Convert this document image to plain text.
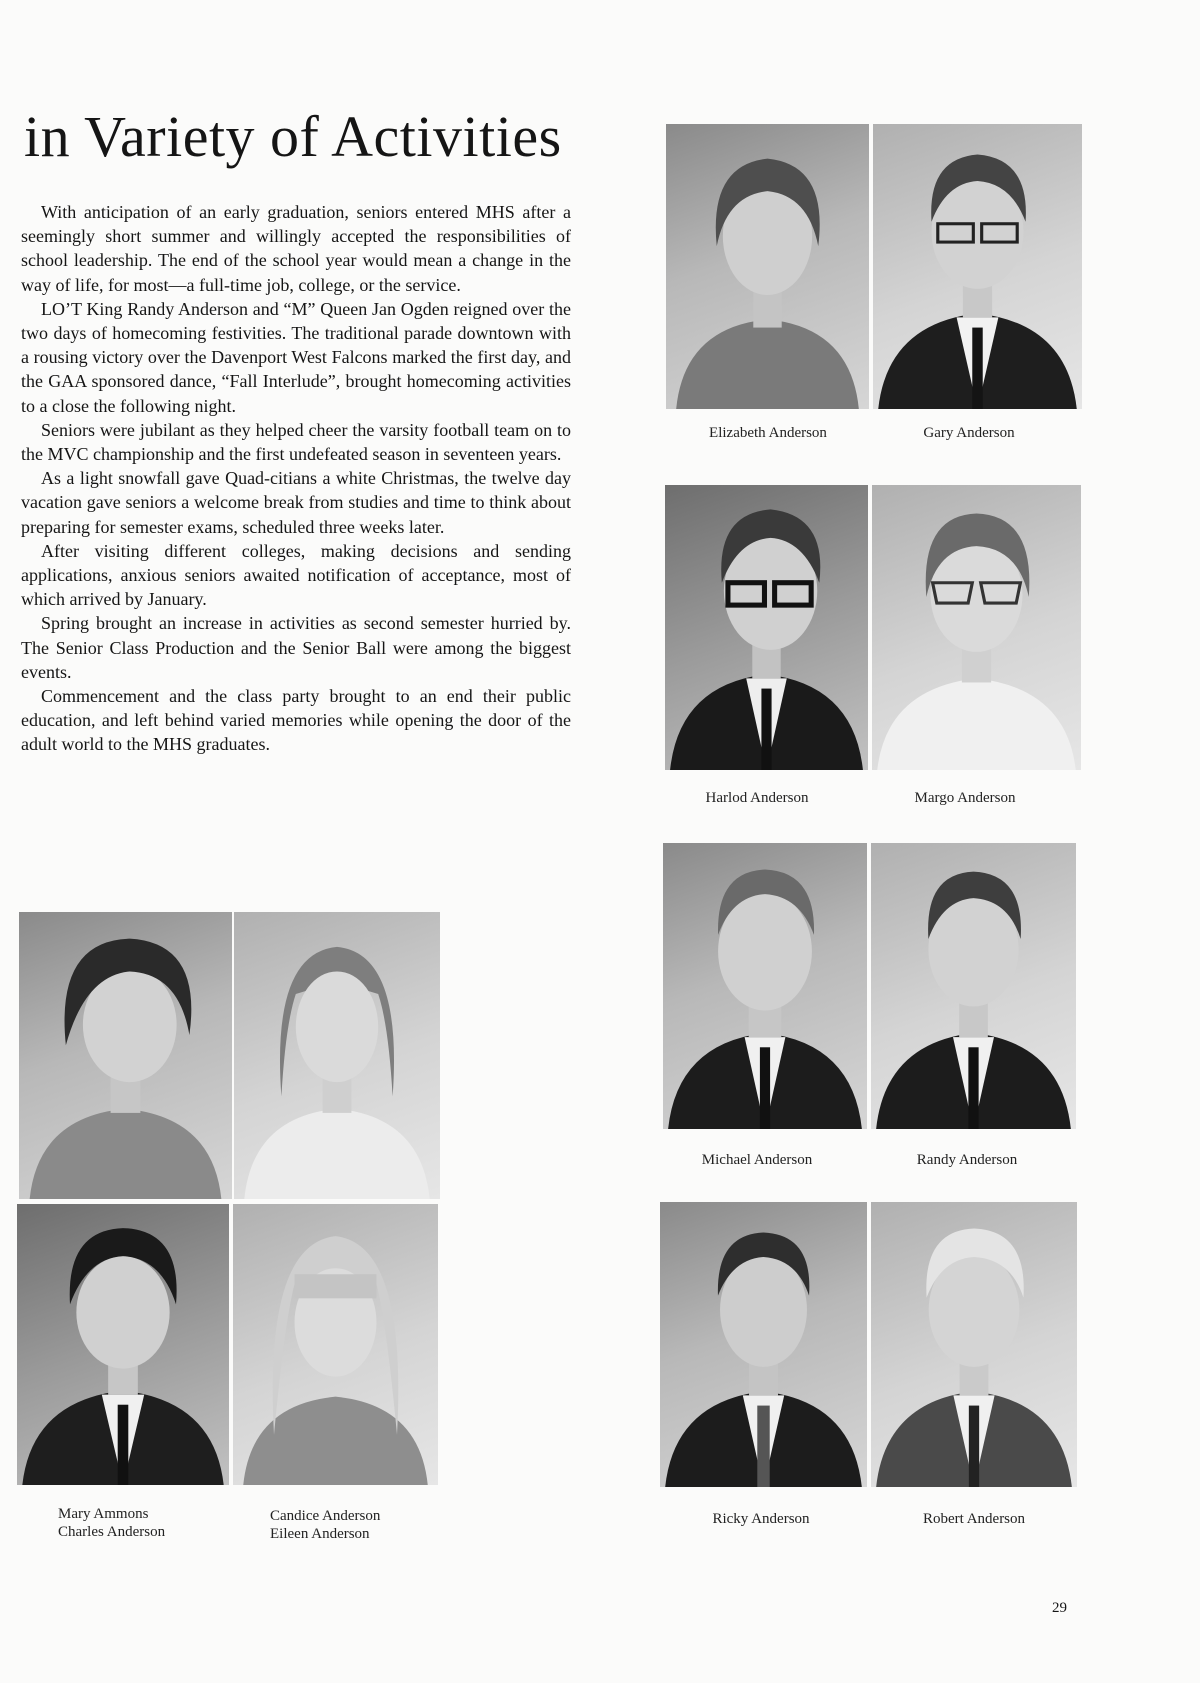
in Variety of Activities

With anticipation of an early graduation, seniors entered MHS after a seemingly short summer and willingly accepted the responsibilities of school leadership. The end of the school year would mean a change in the way of life, for most—a full-time job, college, or the service.

LO’T King Randy Anderson and “M” Queen Jan Ogden reigned over the two days of homecoming festivities. The traditional parade downtown with a rousing victory over the Davenport West Falcons marked the first day, and the GAA sponsored dance, “Fall Interlude”, brought homecoming activities to a close the following night.

Seniors were jubilant as they helped cheer the varsity football team on to the MVC championship and the first undefeated season in seventeen years.

As a light snowfall gave Quad-citians a white Christmas, the twelve day vacation gave seniors a welcome break from studies and time to think about preparing for semester exams, scheduled three weeks later.

After visiting different colleges, making decisions and sending applications, anxious seniors awaited notification of acceptance, most of which arrived by January.

Spring brought an increase in activities as second semester hurried by. The Senior Class Production and the Senior Ball were among the biggest events.

Commencement and the class party brought to an end their public education, and left behind varied memories while opening the door of the adult world to the MHS graduates.

Elizabeth Anderson	Gary Anderson
Harlod Anderson	Margo Anderson
Michael Anderson	Randy Anderson
Ricky Anderson	Robert Anderson
Mary Ammons
Charles Anderson
Candice Anderson
Eileen Anderson
29
